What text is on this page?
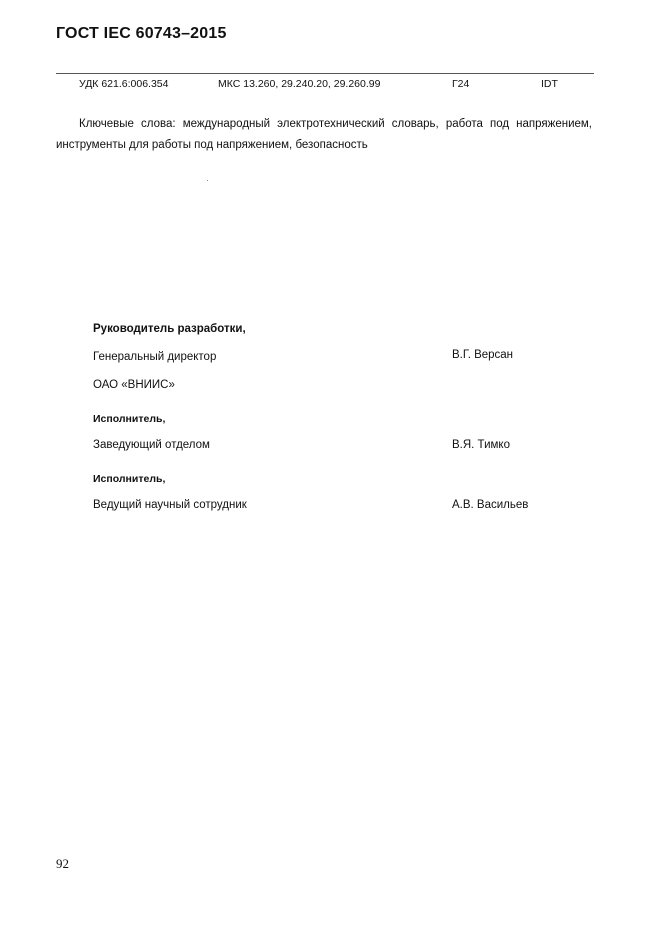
ГОСТ IEC 60743–2015
УДК 621.6:006.354	МКС 13.260, 29.240.20, 29.260.99	Г24	IDT
Ключевые слова: международный электротехнический словарь, работа под напряжением, инструменты для работы под напряжением, безопасность
Руководитель разработки,
Генеральный директор	В.Г. Версан
ОАО «ВНИИС»
Исполнитель,
Заведующий отделом	В.Я. Тимко
Исполнитель,
Ведущий научный сотрудник	А.В. Васильев
92
